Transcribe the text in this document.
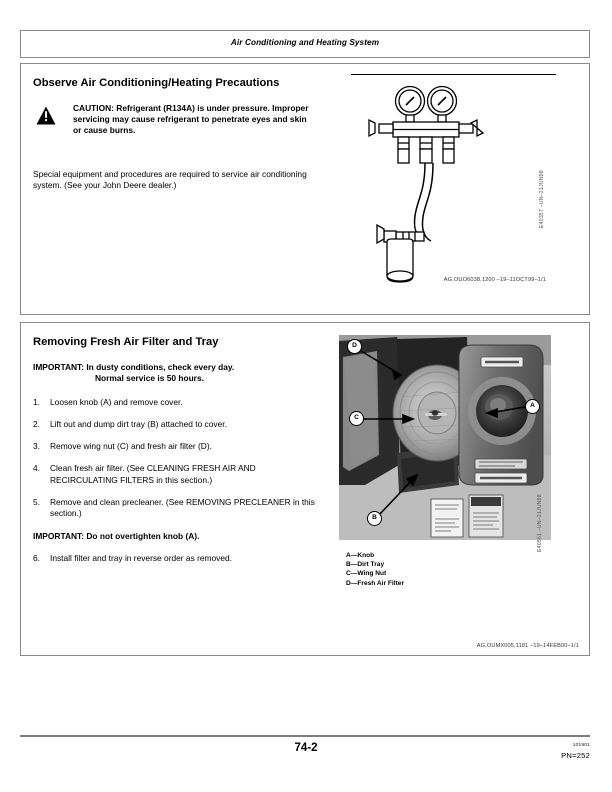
Air Conditioning and Heating System
Observe Air Conditioning/Heating Precautions

CAUTION: Refrigerant (R134A) is under pressure. Improper servicing may cause refrigerant to penetrate eyes and skin or cause burns.

Special equipment and procedures are required to service air conditioning system. (See your John Deere dealer.)

AG,OUO6038,1200 –19–11OCT99–1/1
E40357 –UN–21JUN98
Removing Fresh Air Filter and Tray

IMPORTANT: In dusty conditions, check every day.
Normal service is 50 hours.

1. Loosen knob (A) and remove cover.
2. Lift out and dump dirt tray (B) attached to cover.
3. Remove wing nut (C) and fresh air filter (D).
4. Clean fresh air filter. (See CLEANING FRESH AIR AND RECIRCULATING FILTERS in this section.)
5. Remove and clean precleaner. (See REMOVING PRECLEANER in this section.)

IMPORTANT: Do not overtighten knob (A).

6. Install filter and tray in reverse order as removed.
D
C
A
B
A—Knob
B—Dirt Tray
C—Wing Nut
D—Fresh Air Filter
AG,OUMX005,1181 –19–14FEB00–1/1
E40561 –UN–21JUN98
74-2	101901
PN=252
